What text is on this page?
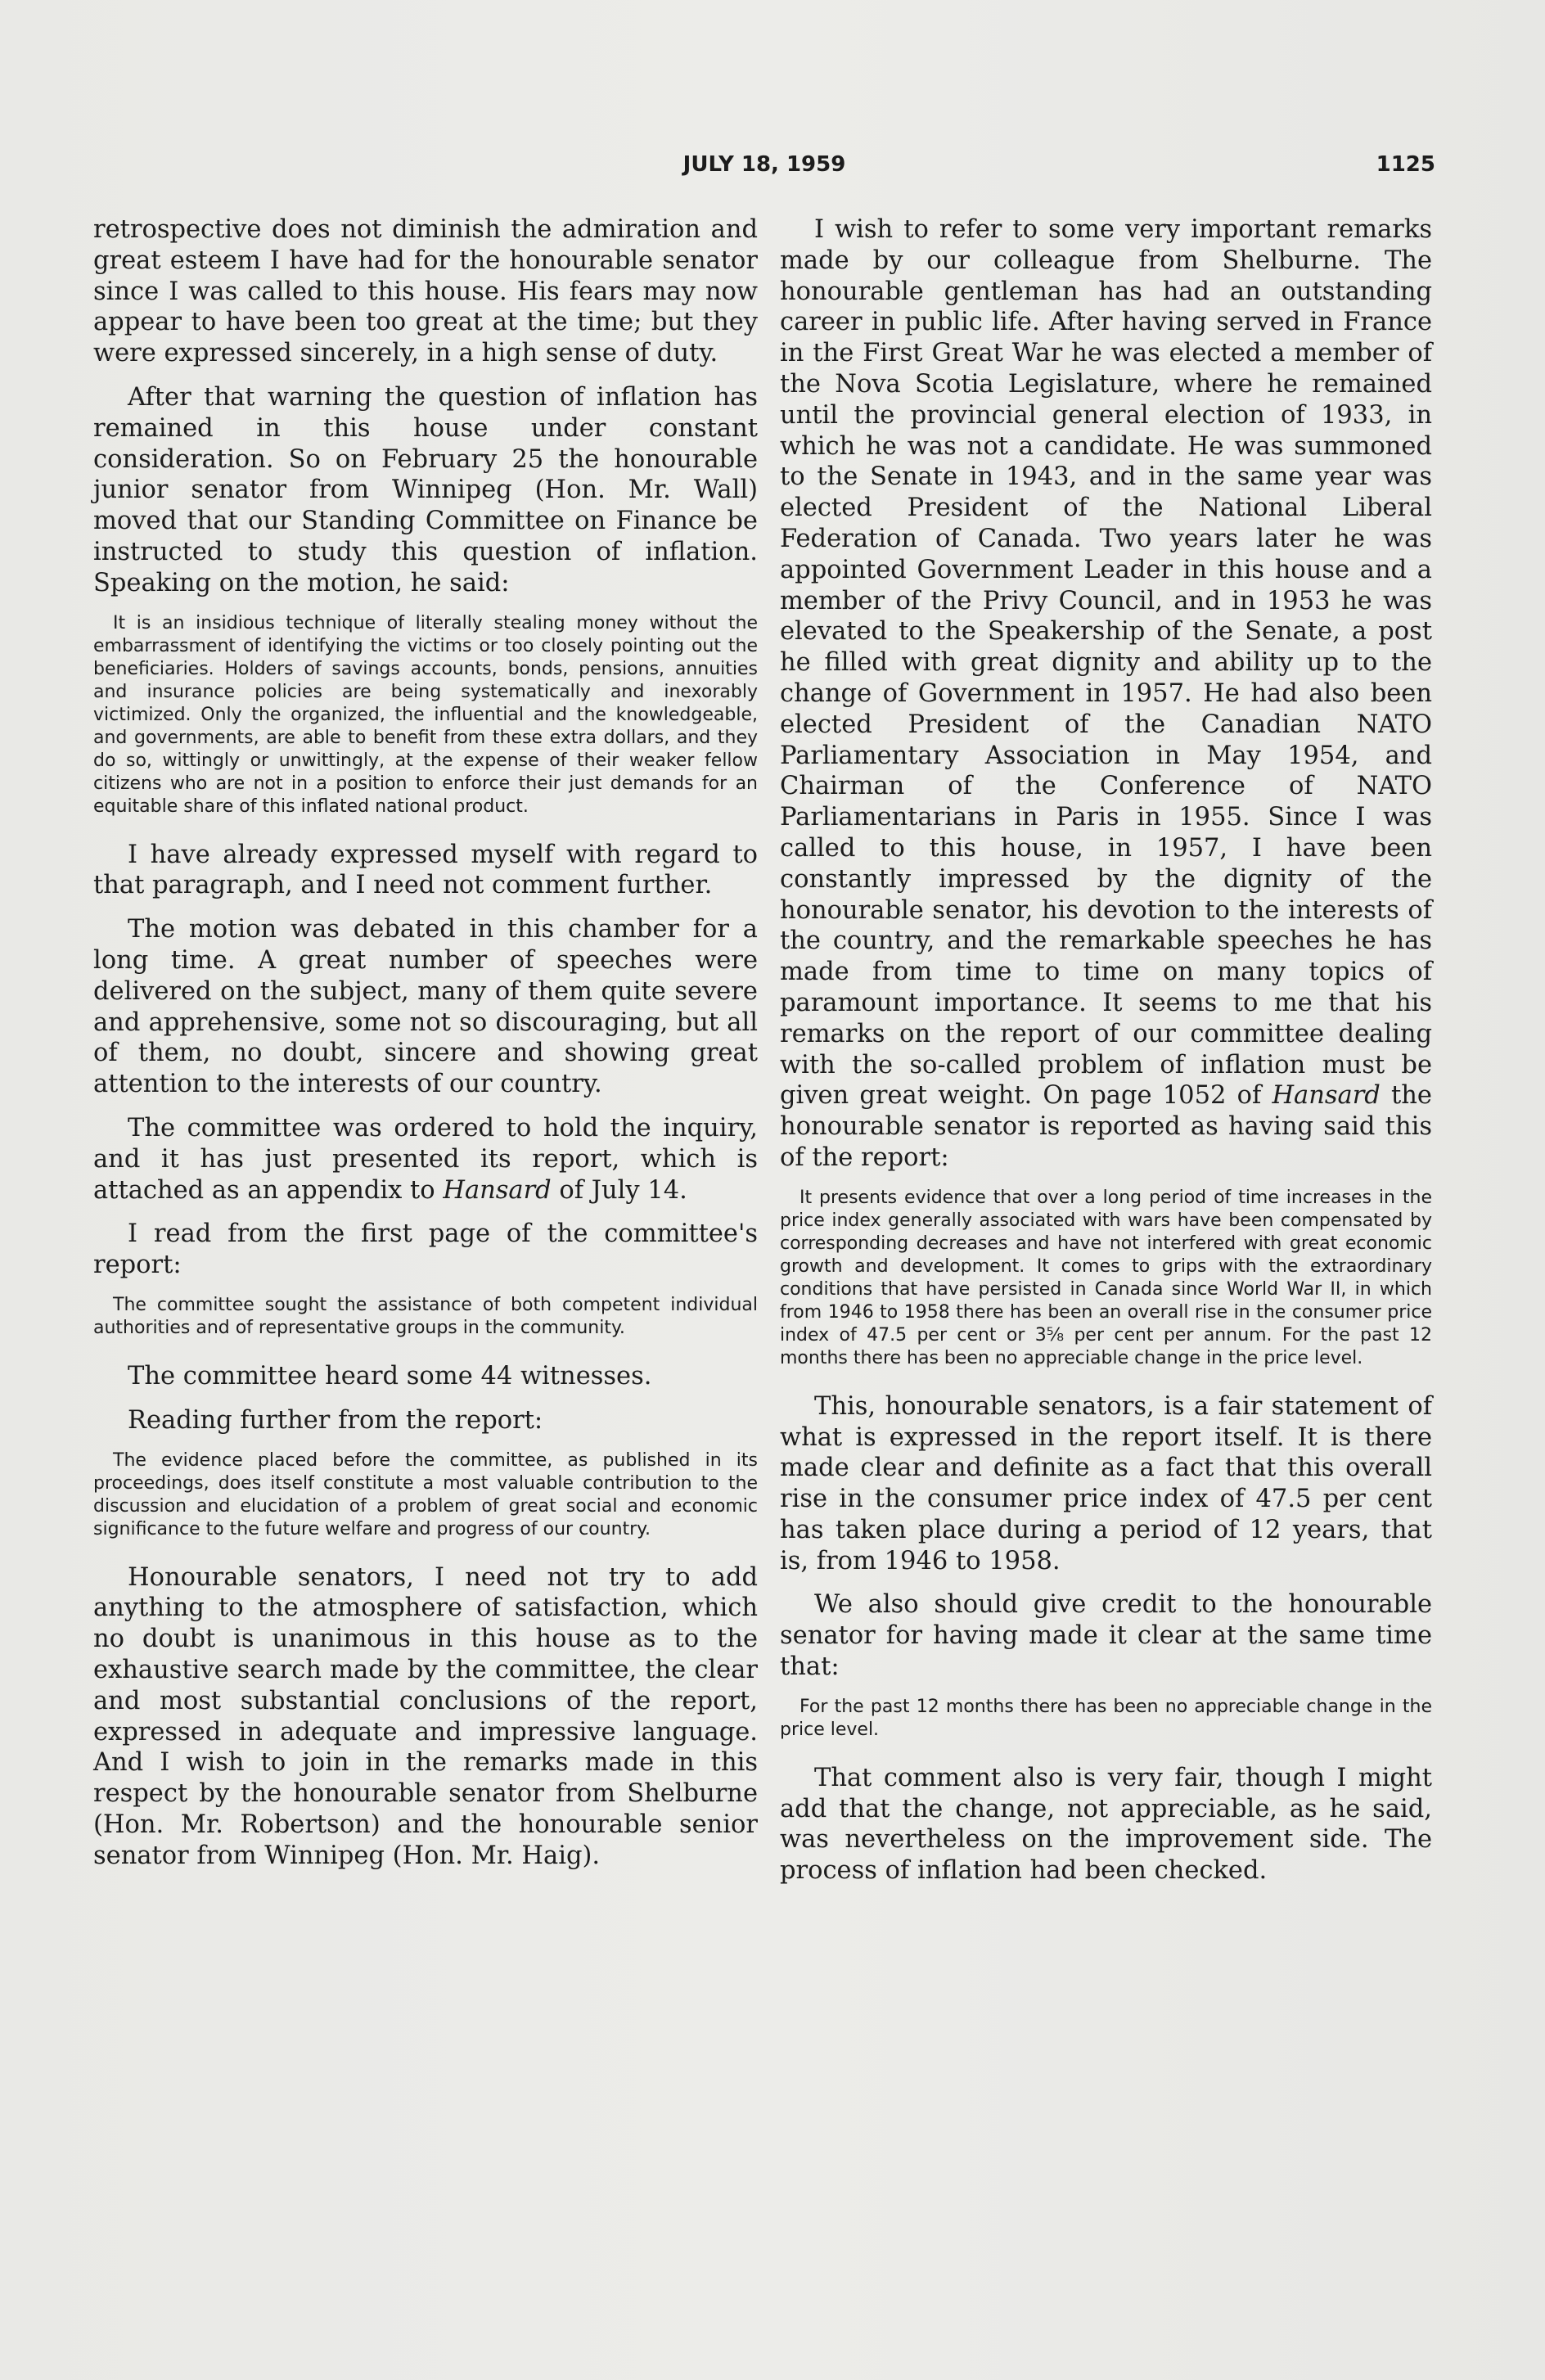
JULY 18, 1959	1125

retrospective does not diminish the admiration and great esteem I have had for the honourable senator since I was called to this house. His fears may now appear to have been too great at the time; but they were expressed sincerely, in a high sense of duty.

After that warning the question of inflation has remained in this house under constant consideration. So on February 25 the honourable junior senator from Winnipeg (Hon. Mr. Wall) moved that our Standing Committee on Finance be instructed to study this question of inflation. Speaking on the motion, he said:

It is an insidious technique of literally stealing money without the embarrassment of identifying the victims or too closely pointing out the beneficiaries. Holders of savings accounts, bonds, pensions, annuities and insurance policies are being systematically and inexorably victimized. Only the organized, the influential and the knowledgeable, and governments, are able to benefit from these extra dollars, and they do so, wittingly or unwittingly, at the expense of their weaker fellow citizens who are not in a position to enforce their just demands for an equitable share of this inflated national product.

I have already expressed myself with regard to that paragraph, and I need not comment further.

The motion was debated in this chamber for a long time. A great number of speeches were delivered on the subject, many of them quite severe and apprehensive, some not so discouraging, but all of them, no doubt, sincere and showing great attention to the interests of our country.

The committee was ordered to hold the inquiry, and it has just presented its report, which is attached as an appendix to Hansard of July 14.

I read from the first page of the committee's report:

The committee sought the assistance of both competent individual authorities and of representative groups in the community.

The committee heard some 44 witnesses.

Reading further from the report:

The evidence placed before the committee, as published in its proceedings, does itself constitute a most valuable contribution to the discussion and elucidation of a problem of great social and economic significance to the future welfare and progress of our country.

Honourable senators, I need not try to add anything to the atmosphere of satisfaction, which no doubt is unanimous in this house as to the exhaustive search made by the committee, the clear and most substantial conclusions of the report, expressed in adequate and impressive language. And I wish to join in the remarks made in this respect by the honourable senator from Shelburne (Hon. Mr. Robertson) and the honourable senior senator from Winnipeg (Hon. Mr. Haig).

I wish to refer to some very important remarks made by our colleague from Shelburne. The honourable gentleman has had an outstanding career in public life. After having served in France in the First Great War he was elected a member of the Nova Scotia Legislature, where he remained until the provincial general election of 1933, in which he was not a candidate. He was summoned to the Senate in 1943, and in the same year was elected President of the National Liberal Federation of Canada. Two years later he was appointed Government Leader in this house and a member of the Privy Council, and in 1953 he was elevated to the Speakership of the Senate, a post he filled with great dignity and ability up to the change of Government in 1957. He had also been elected President of the Canadian NATO Parliamentary Association in May 1954, and Chairman of the Conference of NATO Parliamentarians in Paris in 1955. Since I was called to this house, in 1957, I have been constantly impressed by the dignity of the honourable senator, his devotion to the interests of the country, and the remarkable speeches he has made from time to time on many topics of paramount importance. It seems to me that his remarks on the report of our committee dealing with the so-called problem of inflation must be given great weight. On page 1052 of Hansard the honourable senator is reported as having said this of the report:

It presents evidence that over a long period of time increases in the price index generally associated with wars have been compensated by corresponding decreases and have not interfered with great economic growth and development. It comes to grips with the extraordinary conditions that have persisted in Canada since World War II, in which from 1946 to 1958 there has been an overall rise in the consumer price index of 47.5 per cent or 3⅝ per cent per annum. For the past 12 months there has been no appreciable change in the price level.

This, honourable senators, is a fair statement of what is expressed in the report itself. It is there made clear and definite as a fact that this overall rise in the consumer price index of 47.5 per cent has taken place during a period of 12 years, that is, from 1946 to 1958.

We also should give credit to the honourable senator for having made it clear at the same time that:

For the past 12 months there has been no appreciable change in the price level.

That comment also is very fair, though I might add that the change, not appreciable, as he said, was nevertheless on the improvement side. The process of inflation had been checked.
